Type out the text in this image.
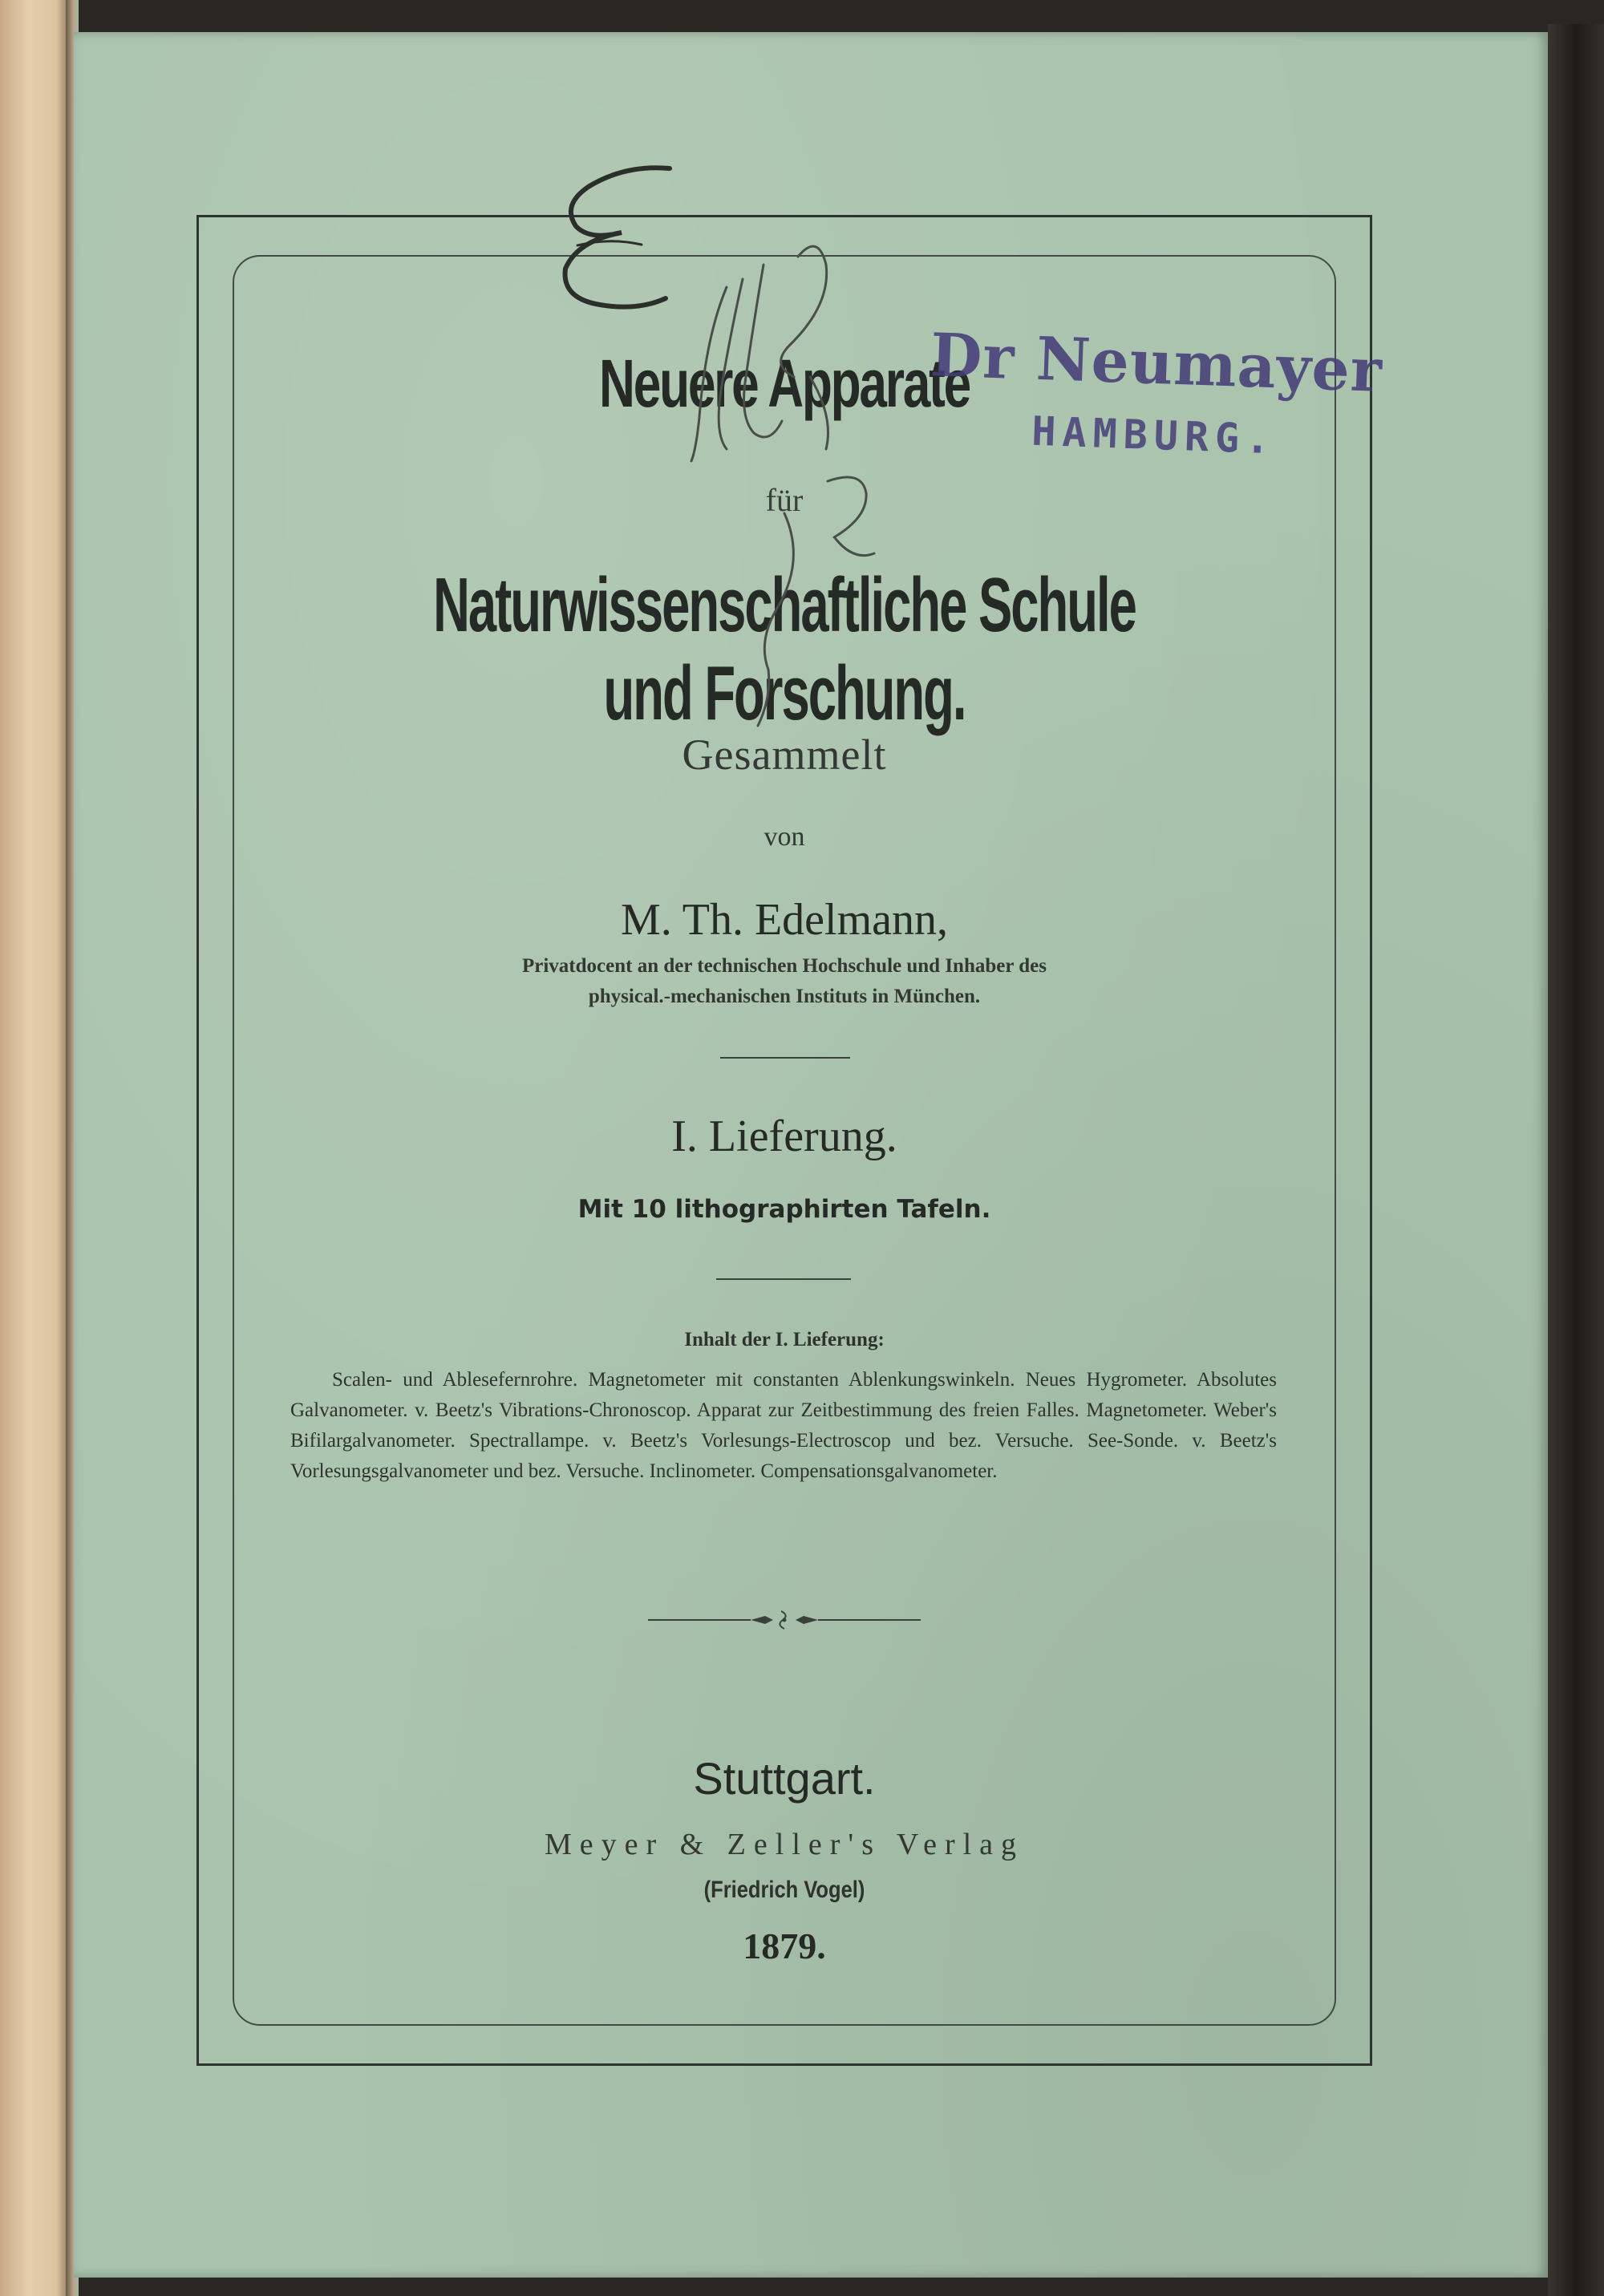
Neuere Apparate

für

Naturwissenschaftliche Schule und Forschung.

Gesammelt

von

M. Th. Edelmann,

Privatdocent an der technischen Hochschule und Inhaber des
physical.-mechanischen Instituts in München.

I. Lieferung.

Mit 10 lithographirten Tafeln.

Inhalt der I. Lieferung:

Scalen- und Ablesefernrohre. Magnetometer mit constanten Ablenkungswinkeln. Neues Hygrometer. Absolutes Galvanometer. v. Beetz's Vibrations-Chronoscop. Apparat zur Zeitbestimmung des freien Falles. Magnetometer. Weber's Bifilargalvanometer. Spectrallampe. v. Beetz's Vorlesungs-Electroscop und bez. Versuche. See-Sonde. v. Beetz's Vorlesungsgalvanometer und bez. Versuche. Inclinometer. Compensationsgalvanometer.

Stuttgart.

Meyer & Zeller's Verlag

(Friedrich Vogel)

1879.

Dr Neumayer

HAMBURG.
